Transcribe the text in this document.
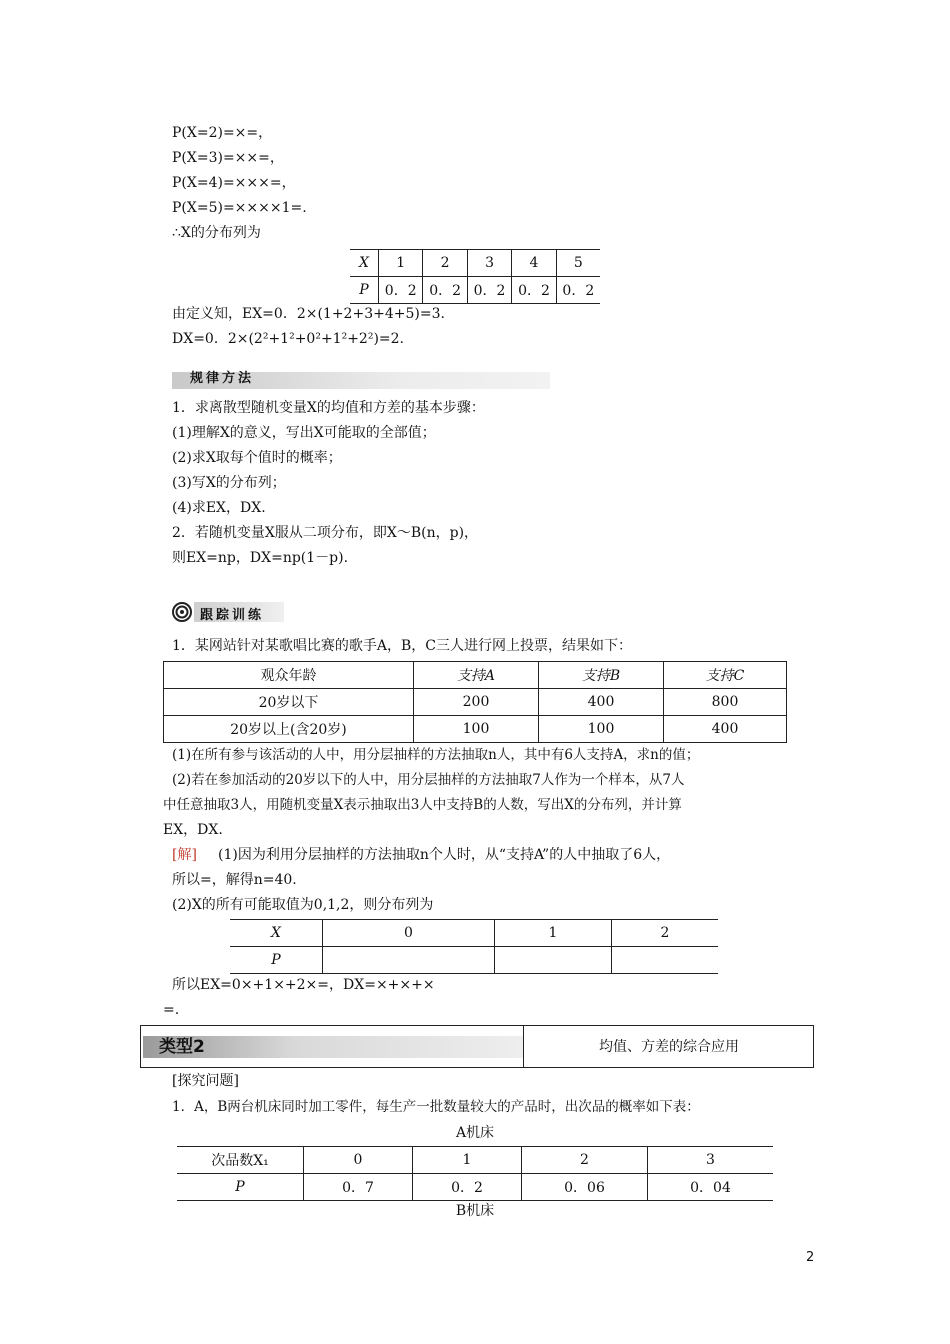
P(X=2)=×=，
P(X=3)=××=，
P(X=4)=×××=，
P(X=5)=××××1=.
∴X的分布列为
X	1	2	3	4	5
P	0．2	0．2	0．2	0．2	0．2
由定义知，EX=0．2×(1+2+3+4+5)=3.
DX=0．2×(2²+1²+0²+1²+2²)=2.
规律方法
1．求离散型随机变量X的均值和方差的基本步骤：
(1)理解X的意义，写出X可能取的全部值；
(2)求X取每个值时的概率；
(3)写X的分布列；
(4)求EX，DX.
2．若随机变量X服从二项分布，即X～B(n，p)，
则EX=np，DX=np(1－p).
跟踪训练
1．某网站针对某歌唱比赛的歌手A，B，C三人进行网上投票，结果如下：
观众年龄	支持A	支持B	支持C
20岁以下	200	400	800
20岁以上(含20岁)	100	100	400
(1)在所有参与该活动的人中，用分层抽样的方法抽取n人，其中有6人支持A，求n的值；
(2)若在参加活动的20岁以下的人中，用分层抽样的方法抽取7人作为一个样本，从7人
中任意抽取3人，用随机变量X表示抽取出3人中支持B的人数，写出X的分布列，并计算
EX，DX.
[解] (1)因为利用分层抽样的方法抽取n个人时，从“支持A”的人中抽取了6人，
所以=，解得n=40.
(2)X的所有可能取值为0,1,2，则分布列为
X	0	1	2
P			
所以EX=0×+1×+2×=，DX=×+×+×
=.
类型2	均值、方差的综合应用
[探究问题]
1．A，B两台机床同时加工零件，每生产一批数量较大的产品时，出次品的概率如下表：
A机床
次品数X₁	0	1	2	3
P	0．7	0．2	0．06	0．04
B机床
2
